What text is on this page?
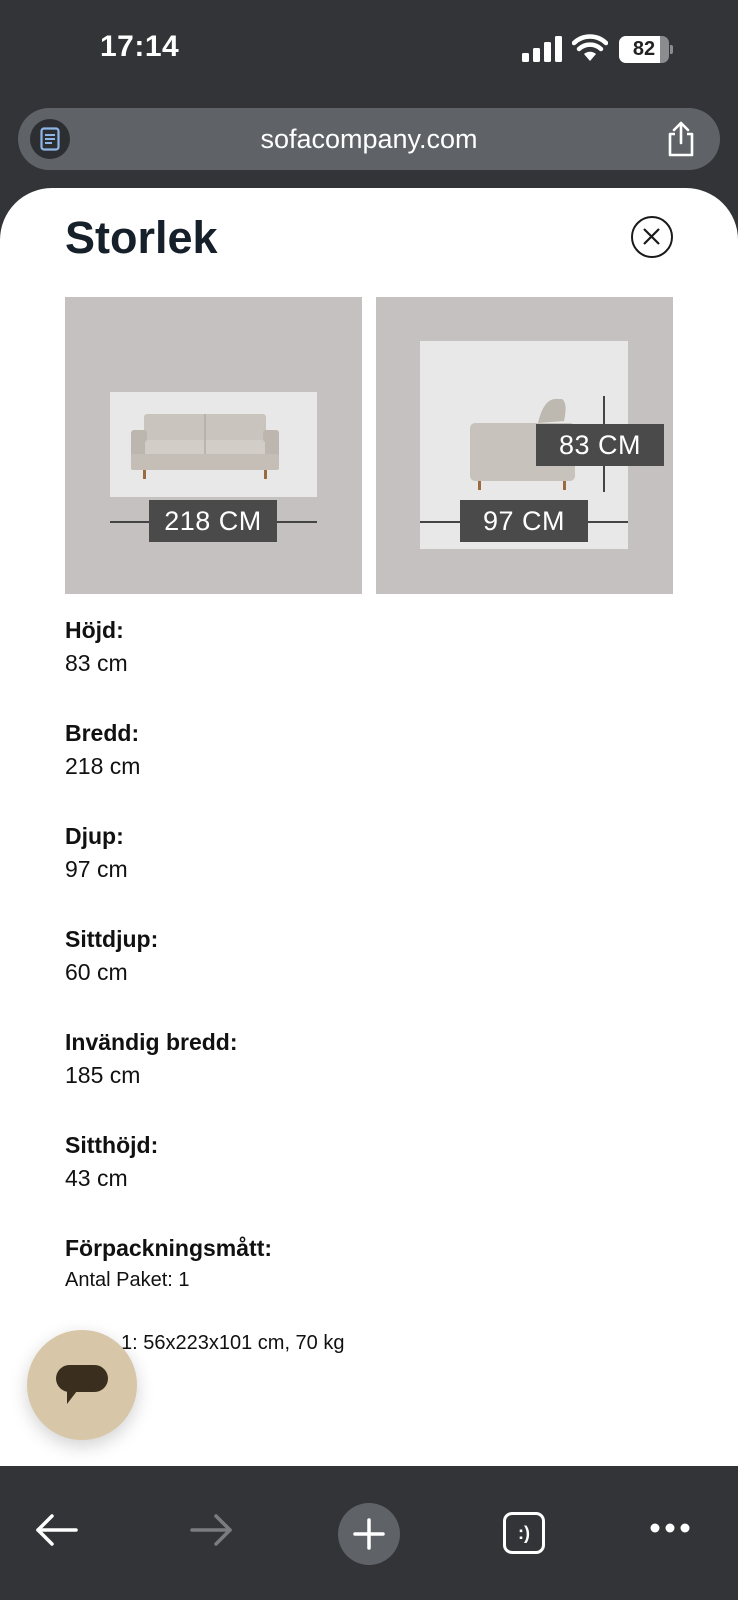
17:14	82
sofacompany.com
Storlek
218 CM
83 CM
97 CM
Höjd:
83 cm
Bredd:
218 cm
Djup:
97 cm
Sittdjup:
60 cm
Invändig bredd:
185 cm
Sitthöjd:
43 cm
Förpackningsmått:
Antal Paket: 1
1: 56x223x101 cm, 70 kg
:)
